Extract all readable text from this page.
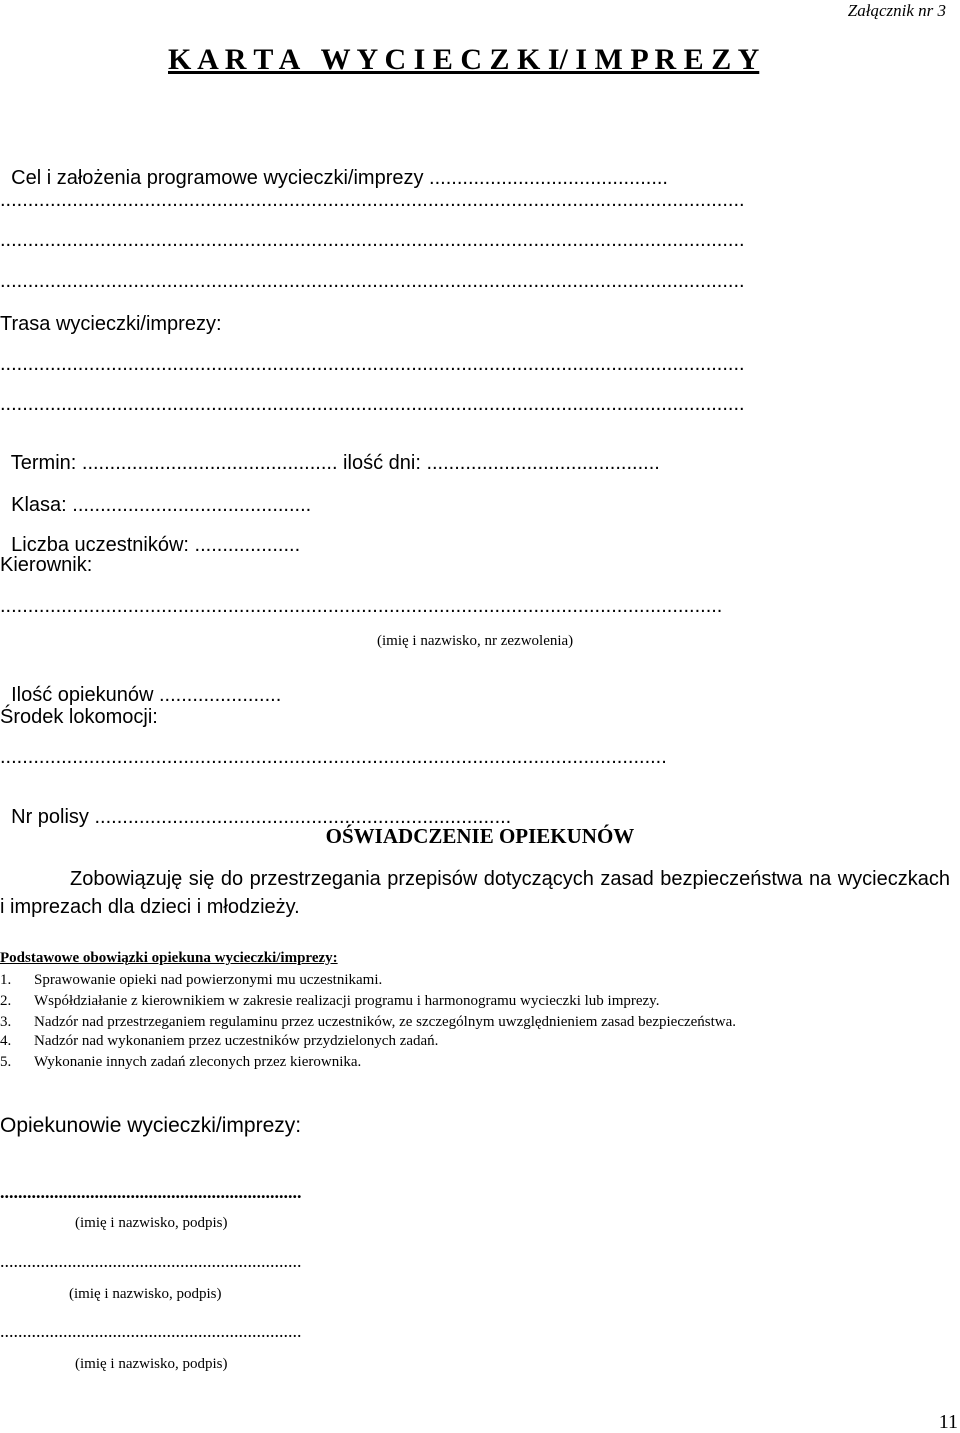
Załącznik nr 3
K A R T A   W Y C I E C Z K I/ I M P R E Z Y

Cel i założenia programowe wycieczki/imprezy ...........................................

......................................................................................................................................
......................................................................................................................................
......................................................................................................................................
Trasa wycieczki/imprezy:
......................................................................................................................................
......................................................................................................................................

Termin: .............................................. ilość dni: ..........................................

Klasa: ...........................................

Liczba uczestników: ...................

Kierownik:
..................................................................................................................................
(imię i nazwisko, nr zezwolenia)

Ilość opiekunów ......................

Środek lokomocji:
........................................................................................................................

Nr polisy ...........................................................................

OŚWIADCZENIE OPIEKUNÓW
Zobowiązuję się do przestrzegania przepisów dotyczących zasad bezpieczeństwa na wycieczkach i imprezach dla dzieci i młodzieży.
Podstawowe obowiązki opiekuna wycieczki/imprezy:
1. Sprawowanie opieki nad powierzonymi mu uczestnikami.
2. Współdziałanie z kierownikiem w zakresie realizacji programu i harmonogramu wycieczki lub imprezy.
3. Nadzór nad przestrzeganiem regulaminu przez uczestników, ze szczególnym uwzględnieniem zasad bezpieczeństwa.
4. Nadzór nad wykonaniem przez uczestników przydzielonych zadań.
5. Wykonanie innych zadań zleconych przez kierownika.
Opiekunowie wycieczki/imprezy:
...................................................................
(imię i nazwisko, podpis)
...................................................................
(imię i nazwisko, podpis)
...................................................................
(imię i nazwisko, podpis)
11
